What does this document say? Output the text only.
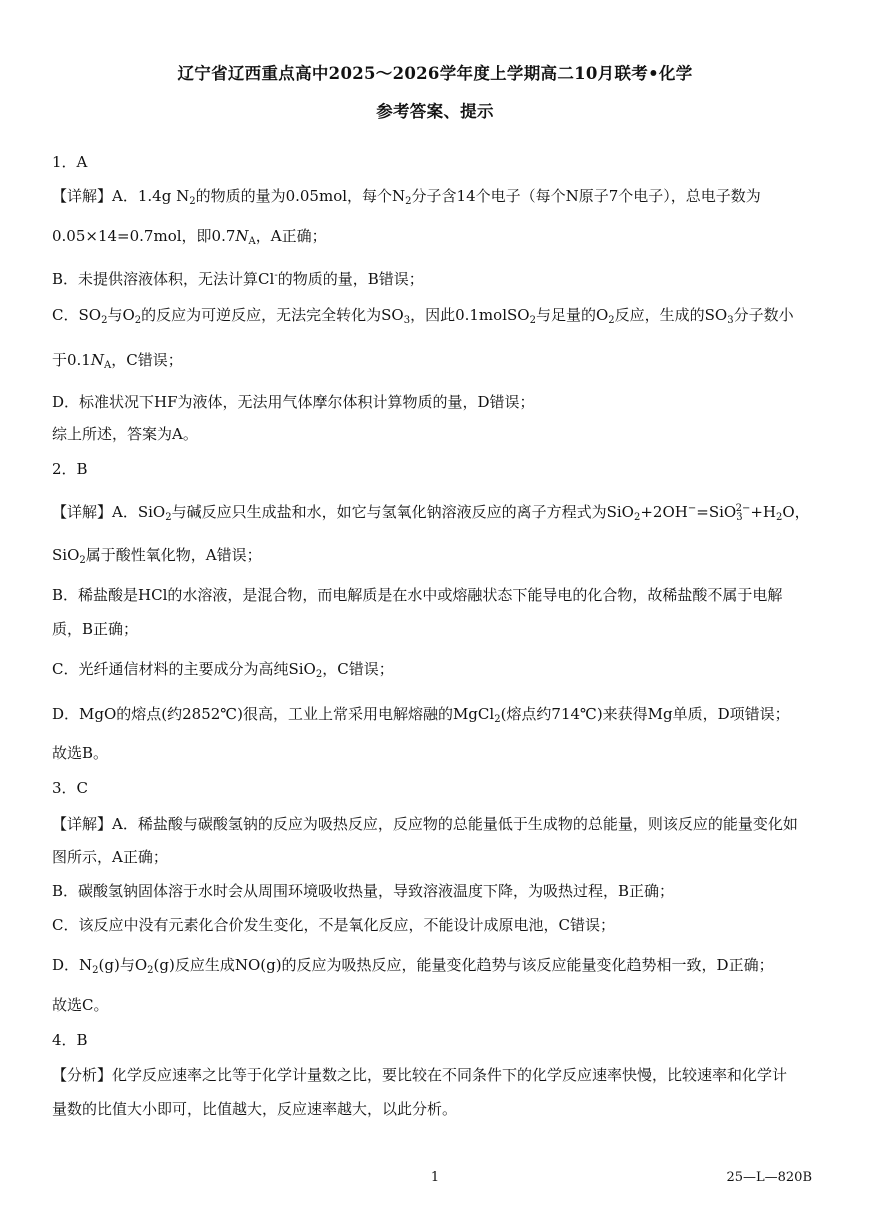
辽宁省辽西重点高中2025～2026学年度上学期高二10月联考•化学
参考答案、提示
1．A
【详解】A．1.4g $N_2$的物质的量为0.05mol，每个$N_2$分子含14个电子（每个N原子7个电子），总电子数为
0.05×14=0.7mol，即$0.7N_A$，A正确；
B．未提供溶液体积，无法计算Cl-的物质的量，B错误；
C．$SO_2$与$O_2$的反应为可逆反应，无法完全转化为$SO_3$，因此0.1molSO$_2$与足量的$O_2$反应，生成的$SO_3$分子数小
于$0.1N_A$，C错误；
D．标准状况下HF为液体，无法用气体摩尔体积计算物质的量，D错误；
综上所述，答案为A。
2．B
【详解】A．SiO$_2$与碱反应只生成盐和水，如它与氢氧化钠溶液反应的离子方程式为$SiO_2+2OH^-=SiO_3^{2-}+H_2O$，
SiO$_2$属于酸性氧化物，A错误；
B．稀盐酸是HCl的水溶液，是混合物，而电解质是在水中或熔融状态下能导电的化合物，故稀盐酸不属于电解
质，B正确；
C．光纤通信材料的主要成分为高纯SiO$_2$，C错误；
D．MgO的熔点(约2852℃)很高，工业上常采用电解熔融的MgCl$_2$(熔点约714℃)来获得Mg单质，D项错误；
故选B。
3．C
【详解】A．稀盐酸与碳酸氢钠的反应为吸热反应，反应物的总能量低于生成物的总能量，则该反应的能量变化如
图所示，A正确；
B．碳酸氢钠固体溶于水时会从周围环境吸收热量，导致溶液温度下降，为吸热过程，B正确；
C．该反应中没有元素化合价发生变化，不是氧化反应，不能设计成原电池，C错误；
D．$N_2(g)$与$O_2(g)$反应生成NO(g)的反应为吸热反应，能量变化趋势与该反应能量变化趋势相一致，D正确；
故选C。
4．B
【分析】化学反应速率之比等于化学计量数之比，要比较在不同条件下的化学反应速率快慢，比较速率和化学计
量数的比值大小即可，比值越大，反应速率越大，以此分析。
1	25—L—820B
